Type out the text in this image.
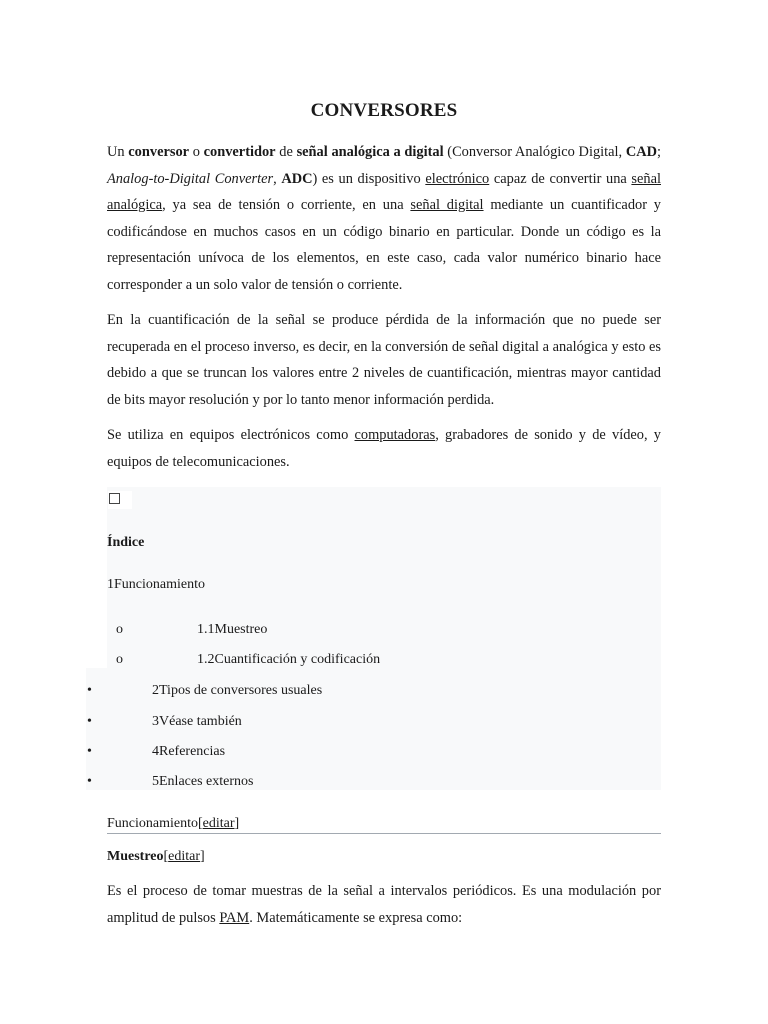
CONVERSORES

Un conversor o convertidor de señal analógica a digital (Conversor Analógico Digital, CAD; Analog-to-Digital Converter, ADC) es un dispositivo electrónico capaz de convertir una señal analógica, ya sea de tensión o corriente, en una señal digital mediante un cuantificador y codificándose en muchos casos en un código binario en particular. Donde un código es la representación unívoca de los elementos, en este caso, cada valor numérico binario hace corresponder a un solo valor de tensión o corriente.

En la cuantificación de la señal se produce pérdida de la información que no puede ser recuperada en el proceso inverso, es decir, en la conversión de señal digital a analógica y esto es debido a que se truncan los valores entre 2 niveles de cuantificación, mientras mayor cantidad de bits mayor resolución y por lo tanto menor información perdida.

Se utiliza en equipos electrónicos como computadoras, grabadores de sonido y de vídeo, y equipos de telecomunicaciones.

Índice
1Funcionamiento
o	1.1Muestreo
o	1.2Cuantificación y codificación
•	2Tipos de conversores usuales
•	3Véase también
•	4Referencias
•	5Enlaces externos
Funcionamiento[editar]
Muestreo[editar]

Es el proceso de tomar muestras de la señal a intervalos periódicos. Es una modulación por amplitud de pulsos PAM. Matemáticamente se expresa como:
